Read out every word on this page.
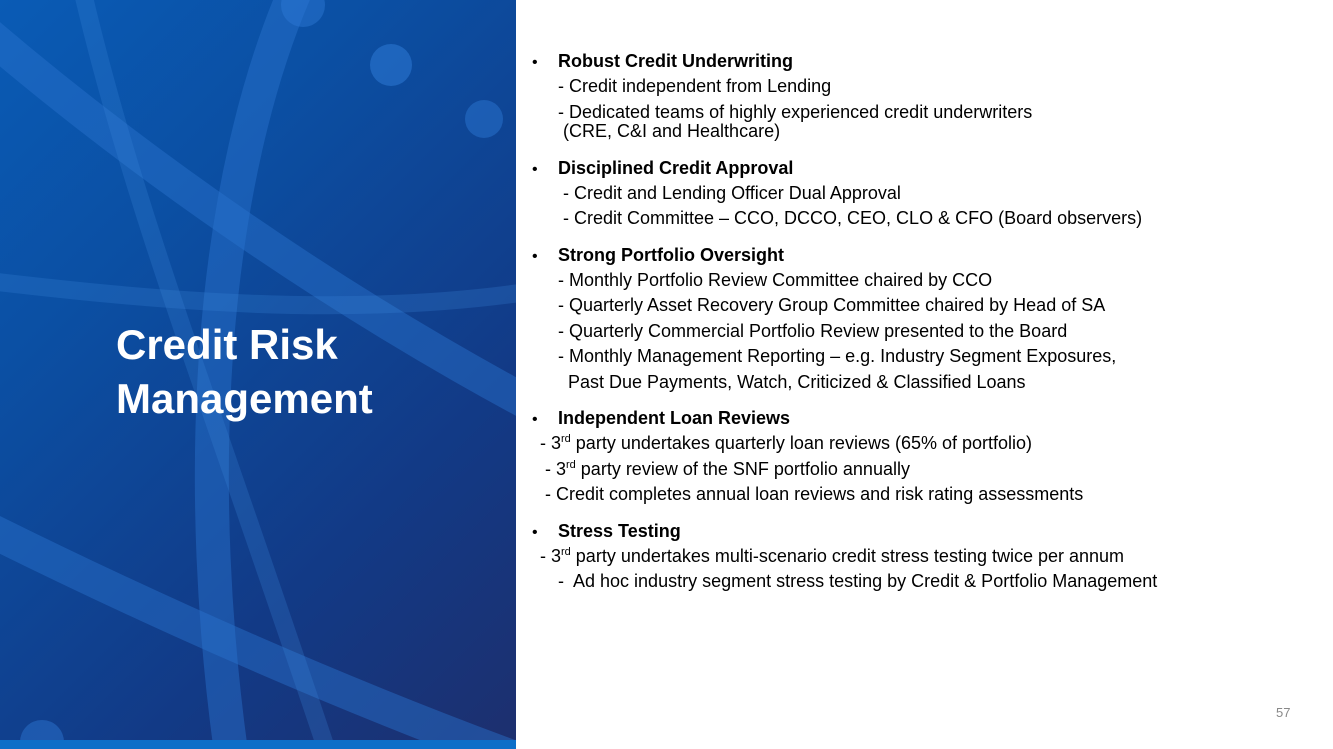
Credit Risk
Management
•	Robust Credit Underwriting
- Credit independent from Lending
- Dedicated teams of highly experienced credit underwriters
(CRE, C&I and Healthcare)
•	Disciplined Credit Approval
- Credit and Lending Officer Dual Approval
- Credit Committee – CCO, DCCO, CEO, CLO & CFO (Board observers)
•	Strong Portfolio Oversight
- Monthly Portfolio Review Committee chaired by CCO
- Quarterly Asset Recovery Group Committee chaired by Head of SA
- Quarterly Commercial Portfolio Review presented to the Board
- Monthly Management Reporting – e.g. Industry Segment Exposures,
Past Due Payments, Watch, Criticized & Classified Loans
•	Independent Loan Reviews
- 3rd party undertakes quarterly loan reviews (65% of portfolio)
- 3rd party review of the SNF portfolio annually
- Credit completes annual loan reviews and risk rating assessments
•	Stress Testing
- 3rd party undertakes multi-scenario credit stress testing twice per annum
-  Ad hoc industry segment stress testing by Credit & Portfolio Management
57
